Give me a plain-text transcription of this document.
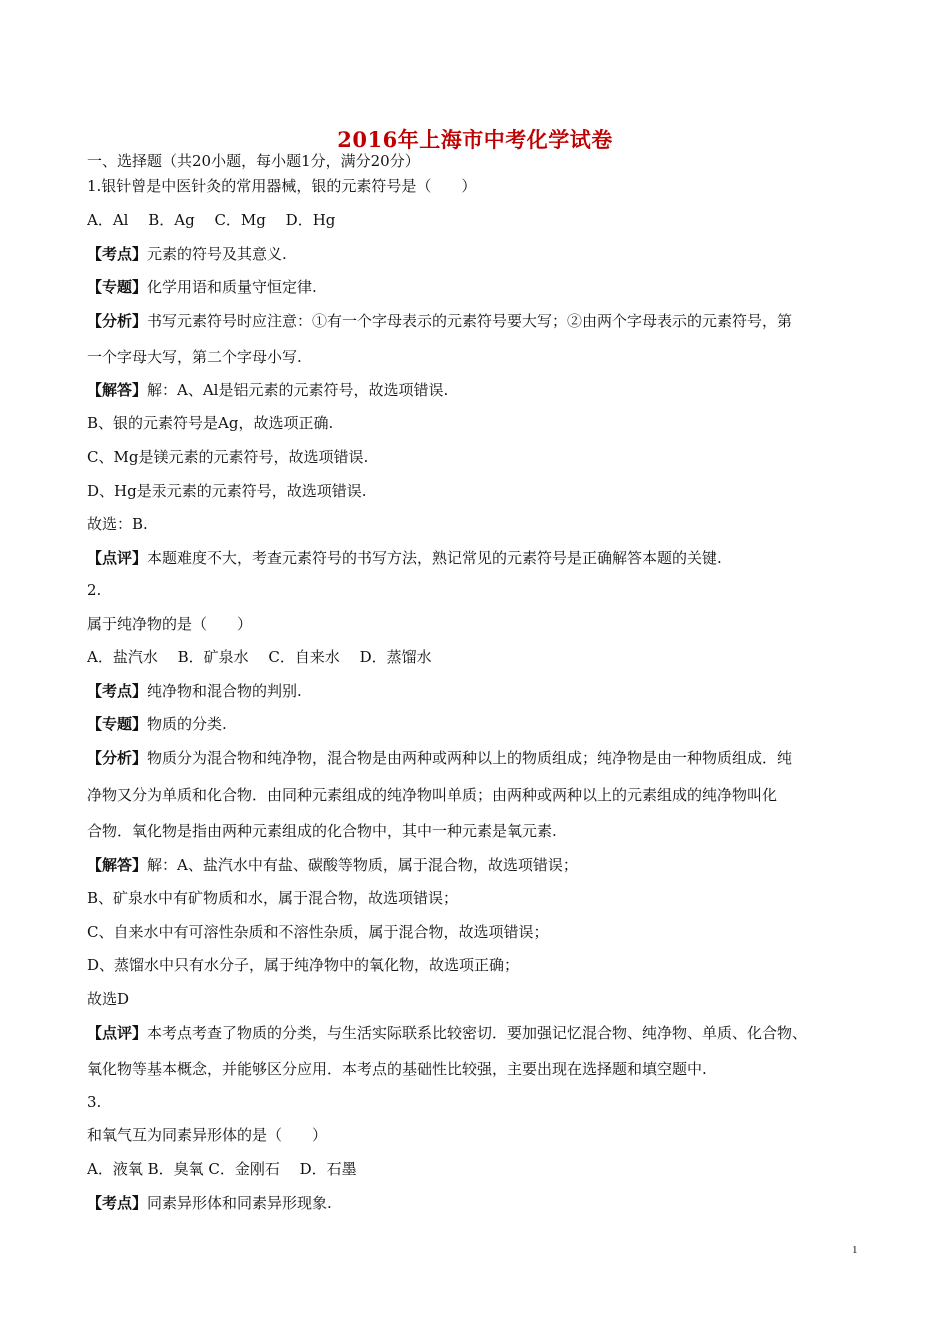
2016年上海市中考化学试卷
一、选择题（共20小题，每小题1分，满分20分）
1.银针曾是中医针灸的常用器械，银的元素符号是（　　）
A．Al　 B．Ag　 C．Mg　 D．Hg
【考点】元素的符号及其意义.
【专题】化学用语和质量守恒定律.
【分析】书写元素符号时应注意：①有一个字母表示的元素符号要大写；②由两个字母表示的元素符号，第
一个字母大写，第二个字母小写.
【解答】解：A、Al是铝元素的元素符号，故选项错误.
B、银的元素符号是Ag，故选项正确.
C、Mg是镁元素的元素符号，故选项错误.
D、Hg是汞元素的元素符号，故选项错误.
故选：B.
【点评】本题难度不大，考查元素符号的书写方法，熟记常见的元素符号是正确解答本题的关键.
2.
属于纯净物的是（　　）
A．盐汽水　 B．矿泉水　 C．自来水　 D．蒸馏水
【考点】纯净物和混合物的判别.
【专题】物质的分类.
【分析】物质分为混合物和纯净物，混合物是由两种或两种以上的物质组成；纯净物是由一种物质组成．纯
净物又分为单质和化合物．由同种元素组成的纯净物叫单质；由两种或两种以上的元素组成的纯净物叫化
合物．氧化物是指由两种元素组成的化合物中，其中一种元素是氧元素.
【解答】解：A、盐汽水中有盐、碳酸等物质，属于混合物，故选项错误；
B、矿泉水中有矿物质和水，属于混合物，故选项错误；
C、自来水中有可溶性杂质和不溶性杂质，属于混合物，故选项错误；
D、蒸馏水中只有水分子，属于纯净物中的氧化物，故选项正确；
故选D
【点评】本考点考查了物质的分类，与生活实际联系比较密切．要加强记忆混合物、纯净物、单质、化合物、
氧化物等基本概念，并能够区分应用．本考点的基础性比较强，主要出现在选择题和填空题中.
3.
和氧气互为同素异形体的是（　　）
A．液氧 B．臭氧 C．金刚石　 D．石墨
【考点】同素异形体和同素异形现象.
1
